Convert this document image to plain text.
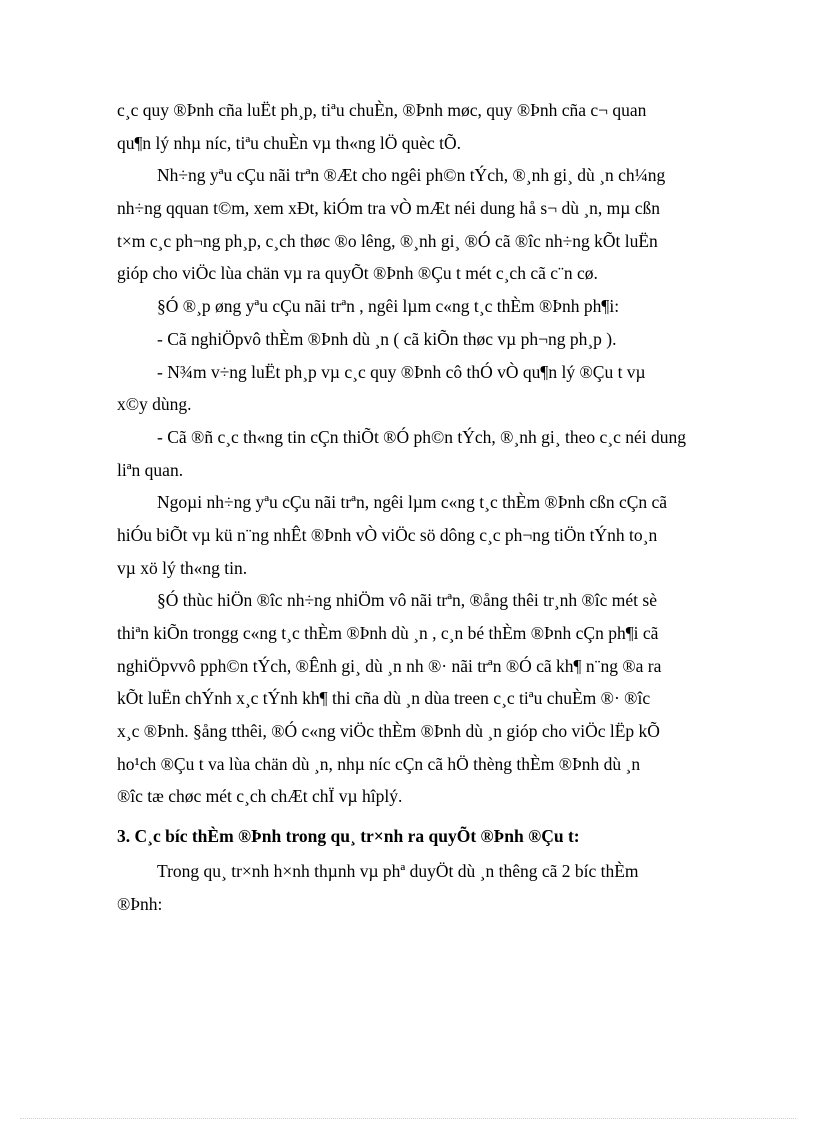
c¸c quy ®Þnh cña luËt ph¸p, tiªu chuÈn, ®Þnh møc, quy ®Þnh cña c¬ quan
qu¶n lý nhµ níc, tiªu chuÈn vµ th«ng lÖ quèc tÕ.
Nh÷ng yªu cÇu nãi trªn ®Æt cho ngêi ph©n tÝch, ®¸nh gi¸ dù ¸n ch¼ng
nh÷ng qquan t©m, xem xÐt, kiÓm tra vÒ mÆt néi dung hå s¬ dù ¸n, mµ cßn
t×m c¸c ph¬ng ph¸p, c¸ch thøc ®o lêng, ®¸nh gi¸ ®Ó cã ®îc nh÷ng kÕt luËn
gióp cho viÖc lùa chän vµ ra quyÕt ®Þnh ®Çu t mét c¸ch cã c¨n cø.
§Ó ®¸p øng yªu cÇu nãi trªn , ngêi lµm c«ng t¸c thÈm ®Þnh ph¶i:
- Cã nghiÖpvô thÈm ®Þnh dù ¸n ( cã kiÕn thøc vµ ph¬ng ph¸p ).
- N¾m v÷ng luËt ph¸p vµ c¸c quy ®Þnh cô thÓ vÒ qu¶n lý ®Çu t vµ
x©y dùng.
- Cã ®ñ c¸c th«ng tin cÇn thiÕt ®Ó ph©n tÝch, ®¸nh gi¸ theo c¸c néi dung
liªn quan.
Ngoµi nh÷ng yªu cÇu nãi trªn, ngêi lµm c«ng t¸c thÈm ®Þnh cßn cÇn cã
hiÓu biÕt vµ kü n¨ng nhÊt ®Þnh vÒ viÖc sö dông c¸c ph¬ng tiÖn tÝnh to¸n
vµ xö lý th«ng tin.
§Ó thùc hiÖn ®îc nh÷ng nhiÖm vô nãi trªn, ®ång thêi tr¸nh ®îc mét sè
thiªn kiÕn trongg c«ng t¸c thÈm ®Þnh dù ¸n , c¸n bé thÈm ®Þnh cÇn ph¶i cã
nghiÖpvvô pph©n tÝch, ®Ênh gi¸ dù ¸n nh ®· nãi trªn ®Ó cã kh¶ n¨ng ®a ra
kÕt luËn chÝnh x¸c tÝnh kh¶ thi cña dù ¸n dùa treen c¸c tiªu chuÈm ®· ®îc
x¸c ®Þnh. §ång tthêi, ®Ó c«ng viÖc thÈm ®Þnh dù ¸n gióp cho viÖc lËp kÕ
ho¹ch ®Çu t va lùa chän dù ¸n, nhµ níc cÇn cã hÖ thèng thÈm ®Þnh dù ¸n
®îc tæ chøc mét c¸ch chÆt chÏ vµ hîplý.
3. C¸c bíc thÈm ®Þnh trong qu¸ tr×nh ra quyÕt ®Þnh ®Çu t:
Trong qu¸ tr×nh h×nh thµnh vµ phª duyÖt dù ¸n thêng cã 2 bíc thÈm
®Þnh:
